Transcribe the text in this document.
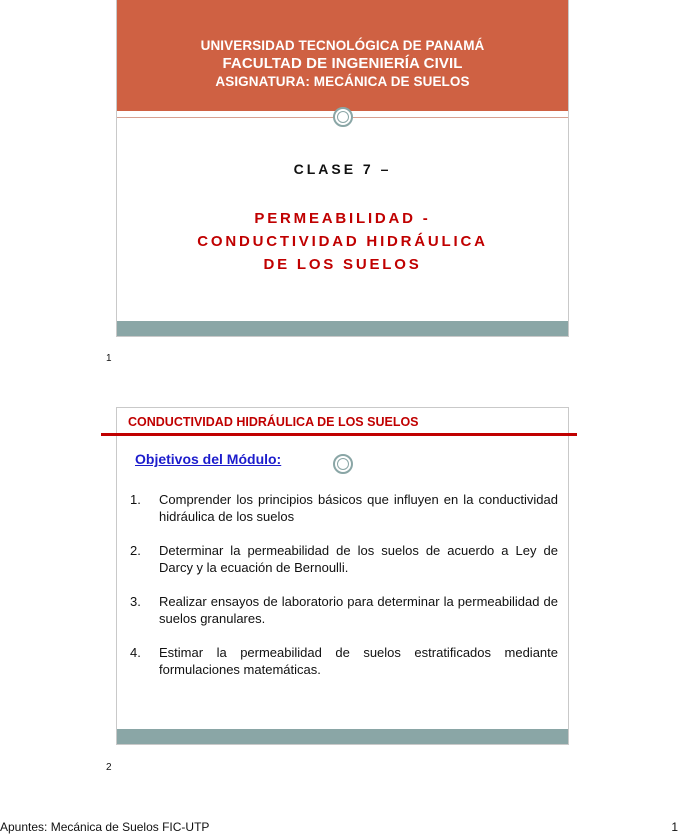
UNIVERSIDAD TECNOLÓGICA DE PANAMÁ
FACULTAD DE INGENIERÍA CIVIL
ASIGNATURA: MECÁNICA DE SUELOS
CLASE 7 –
PERMEABILIDAD -
CONDUCTIVIDAD HIDRÁULICA
DE LOS SUELOS
1
CONDUCTIVIDAD HIDRÁULICA DE LOS SUELOS
Objetivos del Módulo:
1. Comprender los principios básicos que influyen en la conductividad hidráulica de los suelos
2. Determinar la permeabilidad de los suelos de acuerdo a Ley de Darcy y la ecuación de Bernoulli.
3. Realizar ensayos de laboratorio para determinar la permeabilidad de suelos granulares.
4. Estimar la permeabilidad de suelos estratificados mediante formulaciones matemáticas.
2
Apuntes: Mecánica de Suelos FIC-UTP	1
